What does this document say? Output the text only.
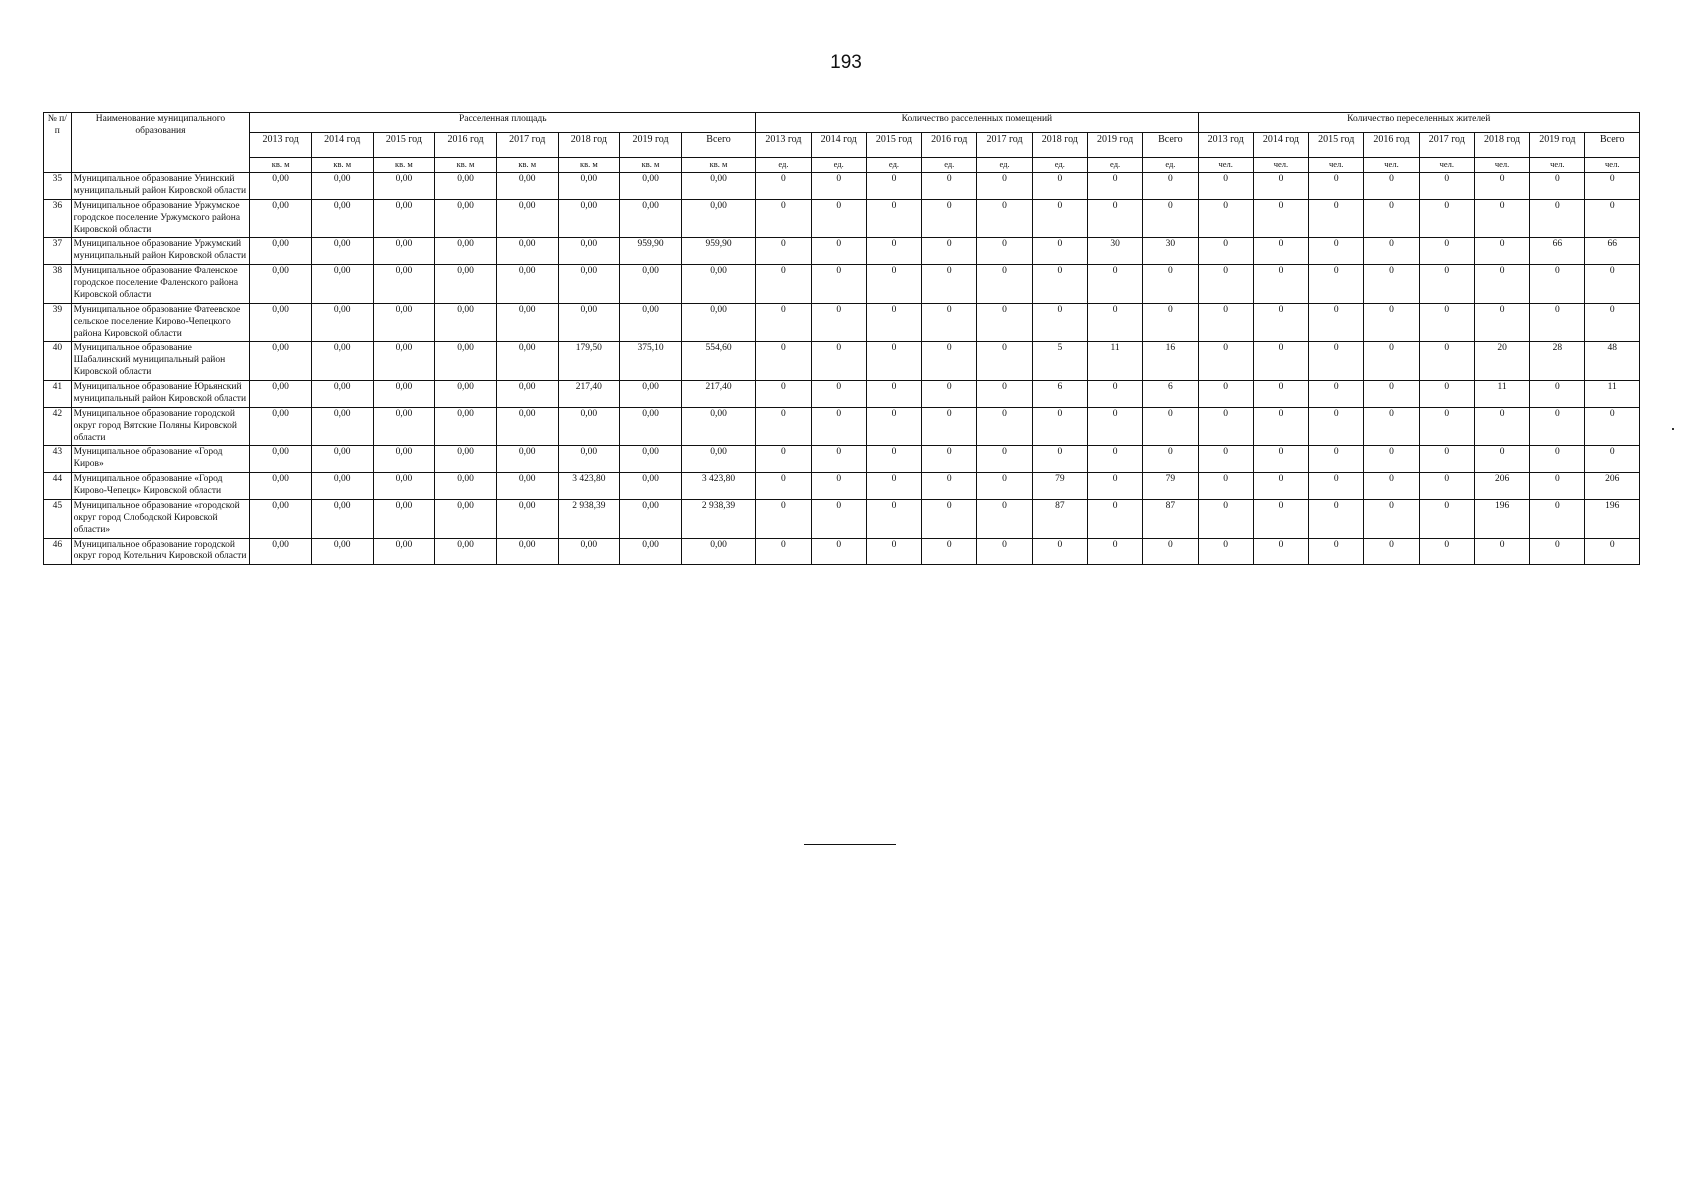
193
№ п/п	Наименование муниципального образования	Расселенная площадь								Количество расселенных помещений								Количество переселенных жителей							
		2013 год	2014 год	2015 год	2016 год	2017 год	2018 год	2019 год	Всего	2013 год	2014 год	2015 год	2016 год	2017 год	2018 год	2019 год	Всего	2013 год	2014 год	2015 год	2016 год	2017 год	2018 год	2019 год	Всего
		кв. м	кв. м	кв. м	кв. м	кв. м	кв. м	кв. м	кв. м	ед.	ед.	ед.	ед.	ед.	ед.	ед.	ед.	чел.	чел.	чел.	чел.	чел.	чел.	чел.	чел.
35	Муниципальное образование Унинский муниципальный район Кировской области	0,00	0,00	0,00	0,00	0,00	0,00	0,00	0,00	0	0	0	0	0	0	0	0	0	0	0	0	0	0	0	0
36	Муниципальное образование Уржумское городское поселение Уржумского района Кировской области	0,00	0,00	0,00	0,00	0,00	0,00	0,00	0,00	0	0	0	0	0	0	0	0	0	0	0	0	0	0	0	0
37	Муниципальное образование Уржумский муниципальный район Кировской области	0,00	0,00	0,00	0,00	0,00	0,00	959,90	959,90	0	0	0	0	0	0	30	30	0	0	0	0	0	0	66	66
38	Муниципальное образование Фаленское городское поселение Фаленского района Кировской области	0,00	0,00	0,00	0,00	0,00	0,00	0,00	0,00	0	0	0	0	0	0	0	0	0	0	0	0	0	0	0	0
39	Муниципальное образование Фатеевское сельское поселение Кирово-Чепецкого района Кировской области	0,00	0,00	0,00	0,00	0,00	0,00	0,00	0,00	0	0	0	0	0	0	0	0	0	0	0	0	0	0	0	0
40	Муниципальное образование Шабалинский муниципальный район Кировской области	0,00	0,00	0,00	0,00	0,00	179,50	375,10	554,60	0	0	0	0	0	5	11	16	0	0	0	0	0	20	28	48
41	Муниципальное образование Юрьянский муниципальный район Кировской области	0,00	0,00	0,00	0,00	0,00	217,40	0,00	217,40	0	0	0	0	0	6	0	6	0	0	0	0	0	11	0	11
42	Муниципальное образование городской округ город Вятские Поляны Кировской области	0,00	0,00	0,00	0,00	0,00	0,00	0,00	0,00	0	0	0	0	0	0	0	0	0	0	0	0	0	0	0	0
43	Муниципальное образование «Город Киров»	0,00	0,00	0,00	0,00	0,00	0,00	0,00	0,00	0	0	0	0	0	0	0	0	0	0	0	0	0	0	0	0
44	Муниципальное образование «Город Кирово-Чепецк» Кировской области	0,00	0,00	0,00	0,00	0,00	3 423,80	0,00	3 423,80	0	0	0	0	0	79	0	79	0	0	0	0	0	206	0	206
45	Муниципальное образование «городской округ город Слободской Кировской области»	0,00	0,00	0,00	0,00	0,00	2 938,39	0,00	2 938,39	0	0	0	0	0	87	0	87	0	0	0	0	0	196	0	196
46	Муниципальное образование городской округ город Котельнич Кировской области	0,00	0,00	0,00	0,00	0,00	0,00	0,00	0,00	0	0	0	0	0	0	0	0	0	0	0	0	0	0	0	0
